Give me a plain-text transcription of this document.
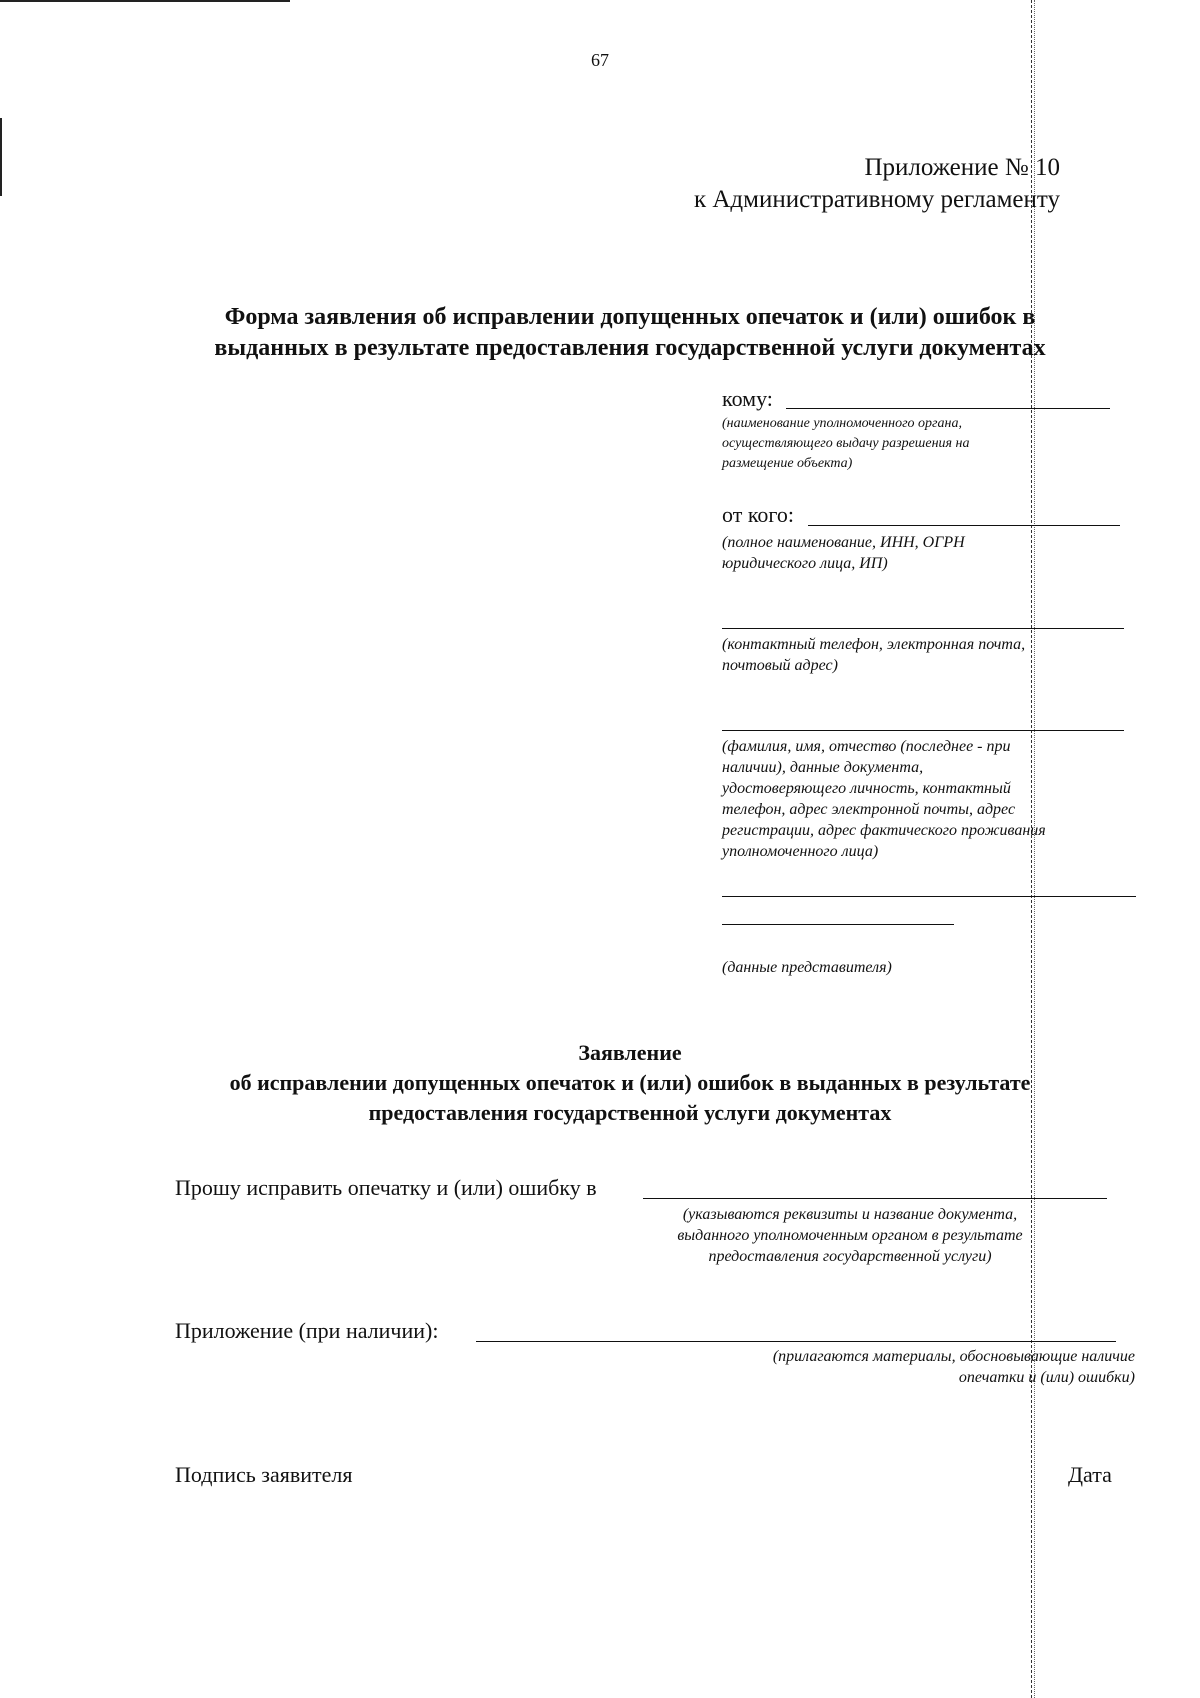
67
Приложение № 10
к Административному регламенту
Форма заявления об исправлении допущенных опечаток и (или) ошибок в
выданных в результате предоставления государственной услуги документах
кому:
(наименование уполномоченного органа,
осуществляющего выдачу разрешения на
размещение объекта)
от кого:
(полное наименование, ИНН, ОГРН
юридического лица, ИП)
(контактный телефон, электронная почта,
почтовый адрес)
(фамилия, имя, отчество (последнее - при
наличии), данные документа,
удостоверяющего личность, контактный
телефон, адрес электронной почты, адрес
регистрации, адрес фактического проживания
уполномоченного лица)
(данные представителя)
Заявление
об исправлении допущенных опечаток и (или) ошибок в выданных в результате
предоставления государственной услуги документах
Прошу исправить опечатку и (или) ошибку в
(указываются реквизиты и название документа,
выданного уполномоченным органом в результате
предоставления государственной услуги)
Приложение (при наличии):
(прилагаются материалы, обосновывающие наличие
опечатки и (или) ошибки)
Подпись заявителя	Дата
